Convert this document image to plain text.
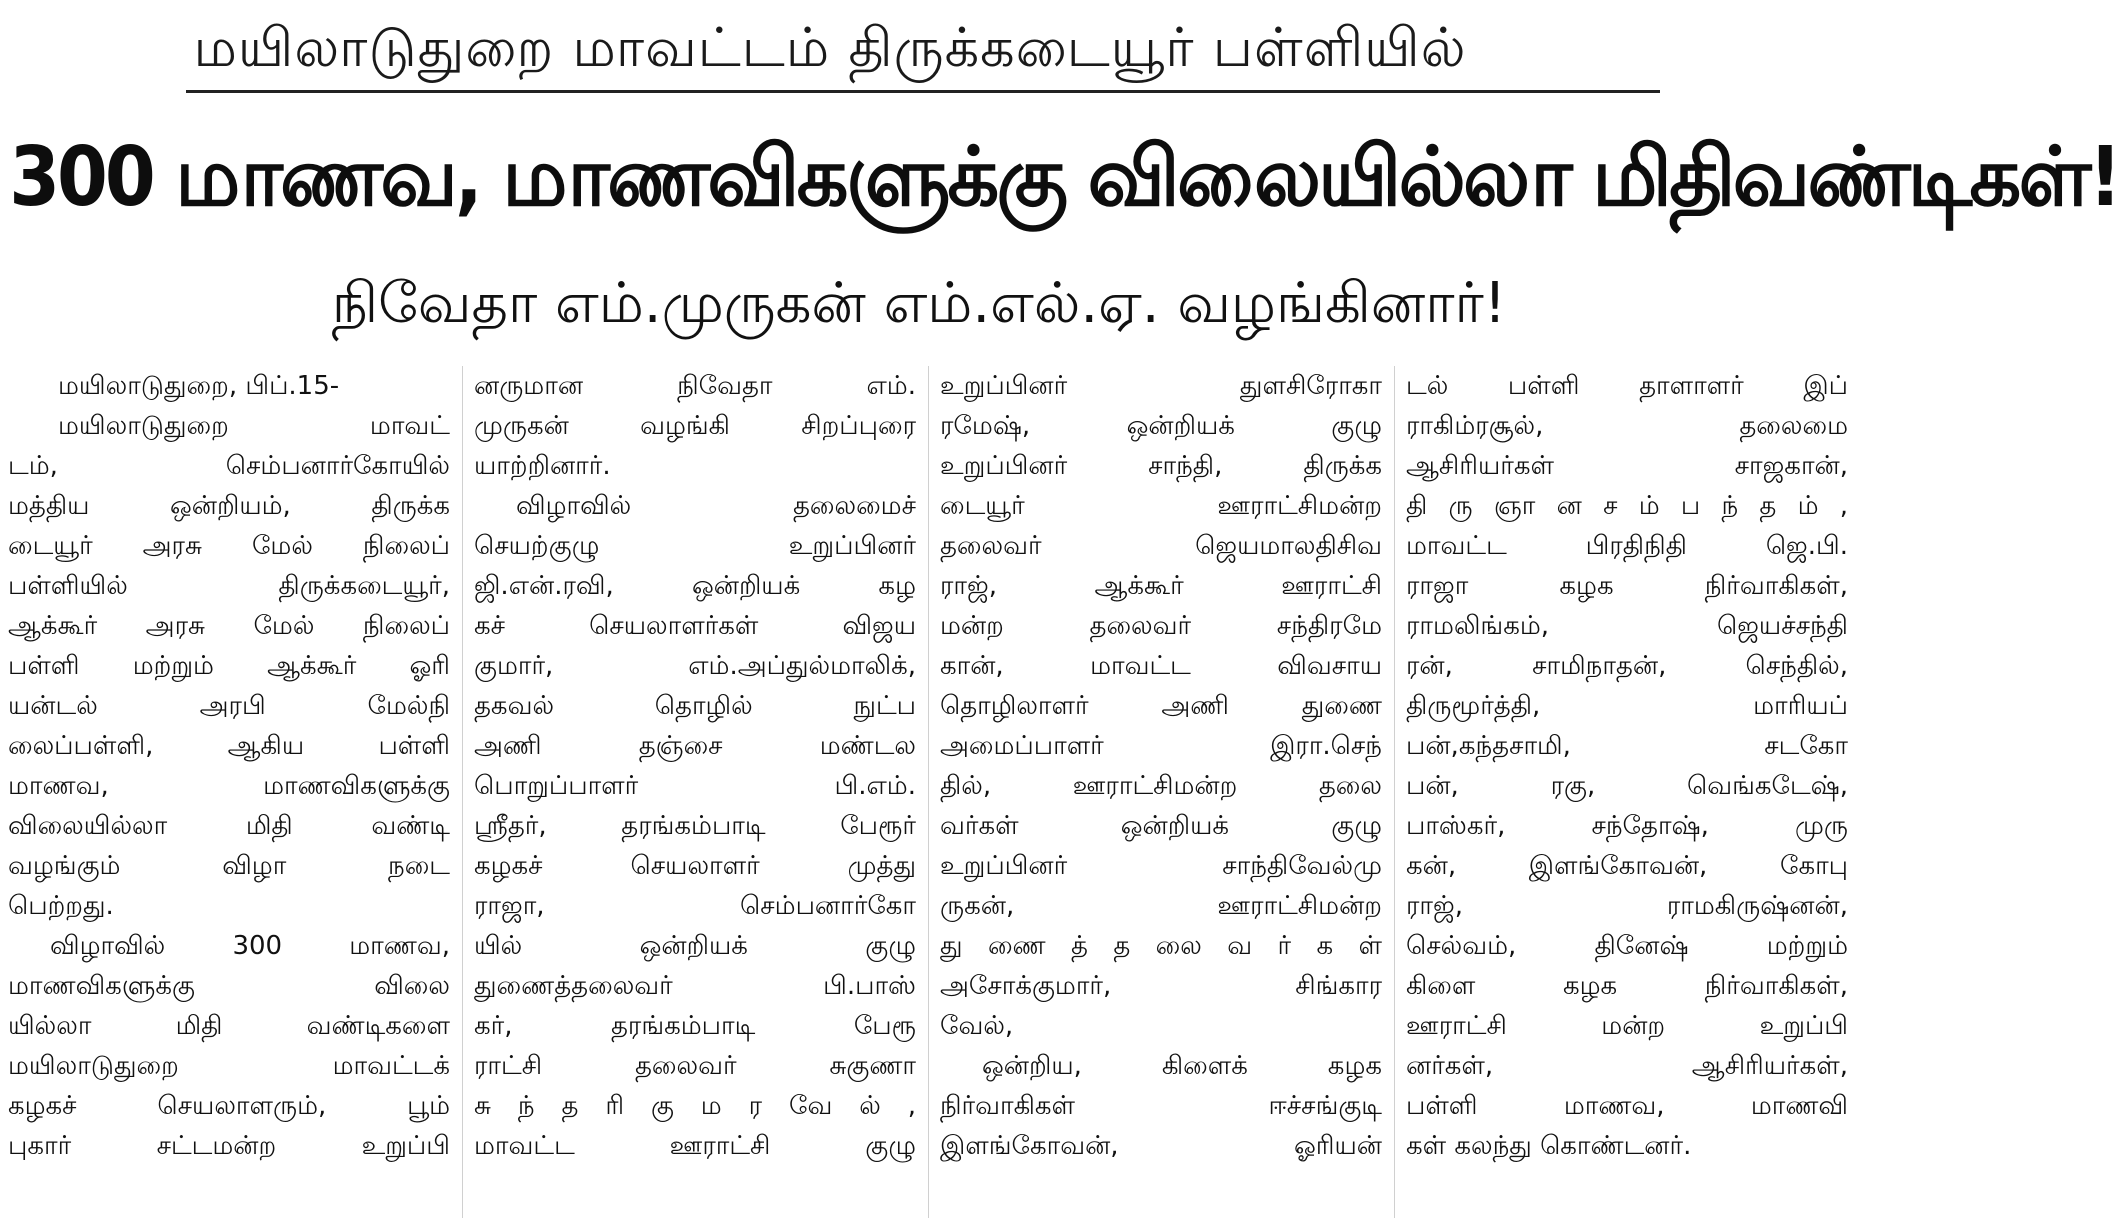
மயிலாடுதுறை மாவட்டம் திருக்கடையூர் பள்ளியில்
300 மாணவ, மாணவிகளுக்கு விலையில்லா மிதிவண்டிகள்!
நிவேதா எம்.முருகன் எம்.எல்.ஏ. வழங்கினார்!
மயிலாடுதுறை, பிப்.15-
மயிலாடுதுறை மாவட்
டம், செம்பனார்கோயில்
மத்திய ஒன்றியம், திருக்க
டையூர் அரசு மேல் நிலைப்
பள்ளியில் திருக்கடையூர்,
ஆக்கூர் அரசு மேல் நிலைப்
பள்ளி மற்றும் ஆக்கூர் ஓரி
யன்டல் அரபி மேல்நி
லைப்பள்ளி, ஆகிய பள்ளி
மாணவ, மாணவிகளுக்கு
விலையில்லா மிதி வண்டி
வழங்கும் விழா நடை
பெற்றது.
விழாவில் 300 மாணவ,
மாணவிகளுக்கு விலை
யில்லா மிதி வண்டிகளை
மயிலாடுதுறை மாவட்டக்
கழகச் செயலாளரும், பூம்
புகார் சட்டமன்ற உறுப்பி
னருமான நிவேதா எம்.
முருகன் வழங்கி சிறப்புரை
யாற்றினார்.
விழாவில் தலைமைச்
செயற்குழு உறுப்பினர்
ஜி.என்.ரவி, ஒன்றியக் கழ
கச் செயலாளர்கள் விஜய
குமார், எம்.அப்துல்மாலிக்,
தகவல் தொழில் நுட்ப
அணி தஞ்சை மண்டல
பொறுப்பாளர் பி.எம்.
ஸ்ரீதர், தரங்கம்பாடி பேரூர்
கழகச் செயலாளர் முத்து
ராஜா, செம்பனார்கோ
யில் ஒன்றியக் குழு
துணைத்தலைவர் பி.பாஸ்
கர், தரங்கம்பாடி பேரூ
ராட்சி தலைவர் சுகுணா
சு ந் த ரி கு ம ர வே ல் ,
மாவட்ட ஊராட்சி குழு
உறுப்பினர் துளசிரோகா
ரமேஷ், ஒன்றியக் குழு
உறுப்பினர் சாந்தி, திருக்க
டையூர் ஊராட்சிமன்ற
தலைவர் ஜெயமாலதிசிவ
ராஜ், ஆக்கூர் ஊராட்சி
மன்ற தலைவர் சந்திரமே
கான், மாவட்ட விவசாய
தொழிலாளர் அணி துணை
அமைப்பாளர் இரா.செந்
தில், ஊராட்சிமன்ற தலை
வர்கள் ஒன்றியக் குழு
உறுப்பினர் சாந்திவேல்மு
ருகன், ஊராட்சிமன்ற
து ணை த் த லை வ ர் க ள்
அசோக்குமார், சிங்கார
வேல்,
ஒன்றிய, கிளைக் கழக
நிர்வாகிகள் ஈச்சங்குடி
இளங்கோவன், ஓரியன்
டல் பள்ளி தாளாளர் இப்
ராகிம்ரசூல், தலைமை
ஆசிரியர்கள் சாஜகான்,
தி ரு ஞா ன ச ம் ப ந் த ம் ,
மாவட்ட பிரதிநிதி ஜெ.பி.
ராஜா கழக நிர்வாகிகள்,
ராமலிங்கம், ஜெயச்சந்தி
ரன், சாமிநாதன், செந்தில்,
திருமூர்த்தி, மாரியப்
பன்,கந்தசாமி, சடகோ
பன், ரகு, வெங்கடேஷ்,
பாஸ்கர், சந்தோஷ், முரு
கன், இளங்கோவன், கோபு
ராஜ், ராமகிருஷ்னன்,
செல்வம், தினேஷ் மற்றும்
கிளை கழக நிர்வாகிகள்,
ஊராட்சி மன்ற உறுப்பி
னர்கள், ஆசிரியர்கள்,
பள்ளி மாணவ, மாணவி
கள் கலந்து கொண்டனர்.
